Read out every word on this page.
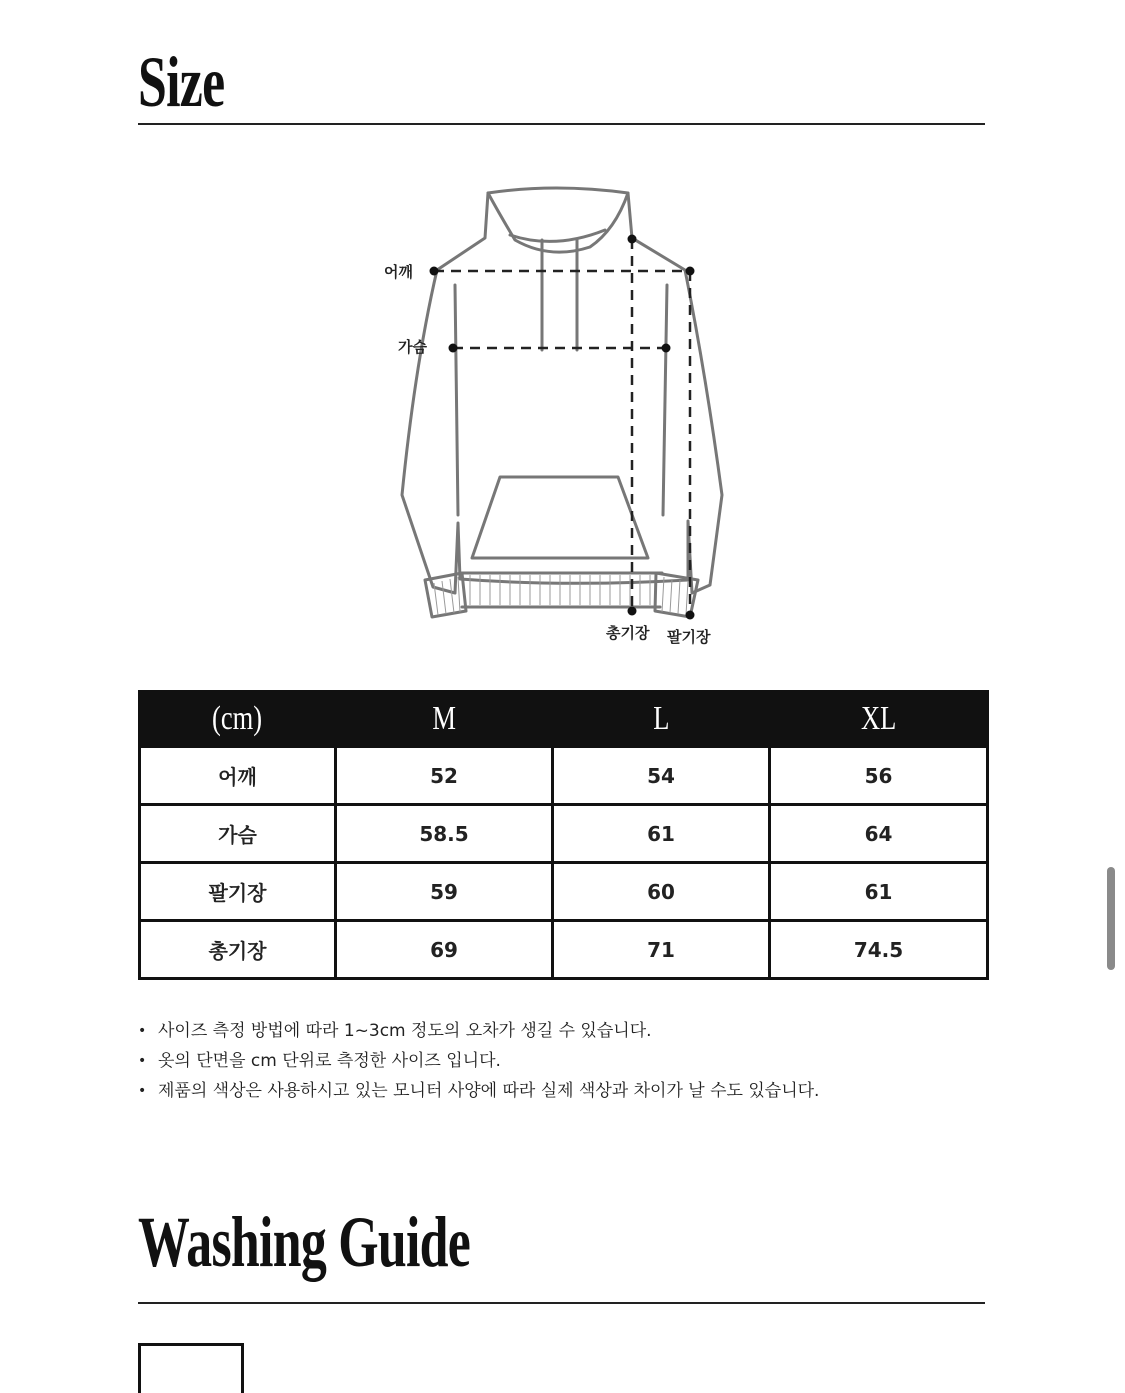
Size
어깨
가슴
총기장 팔기장
(cm)	M	L	XL
어깨	52	54	56
가슴	58.5	61	64
팔기장	59	60	61
총기장	69	71	74.5
• 사이즈 측정 방법에 따라 1~3cm 정도의 오차가 생길 수 있습니다.
• 옷의 단면을 cm 단위로 측정한 사이즈 입니다.
• 제품의 색상은 사용하시고 있는 모니터 사양에 따라 실제 색상과 차이가 날 수도 있습니다.
Washing Guide
